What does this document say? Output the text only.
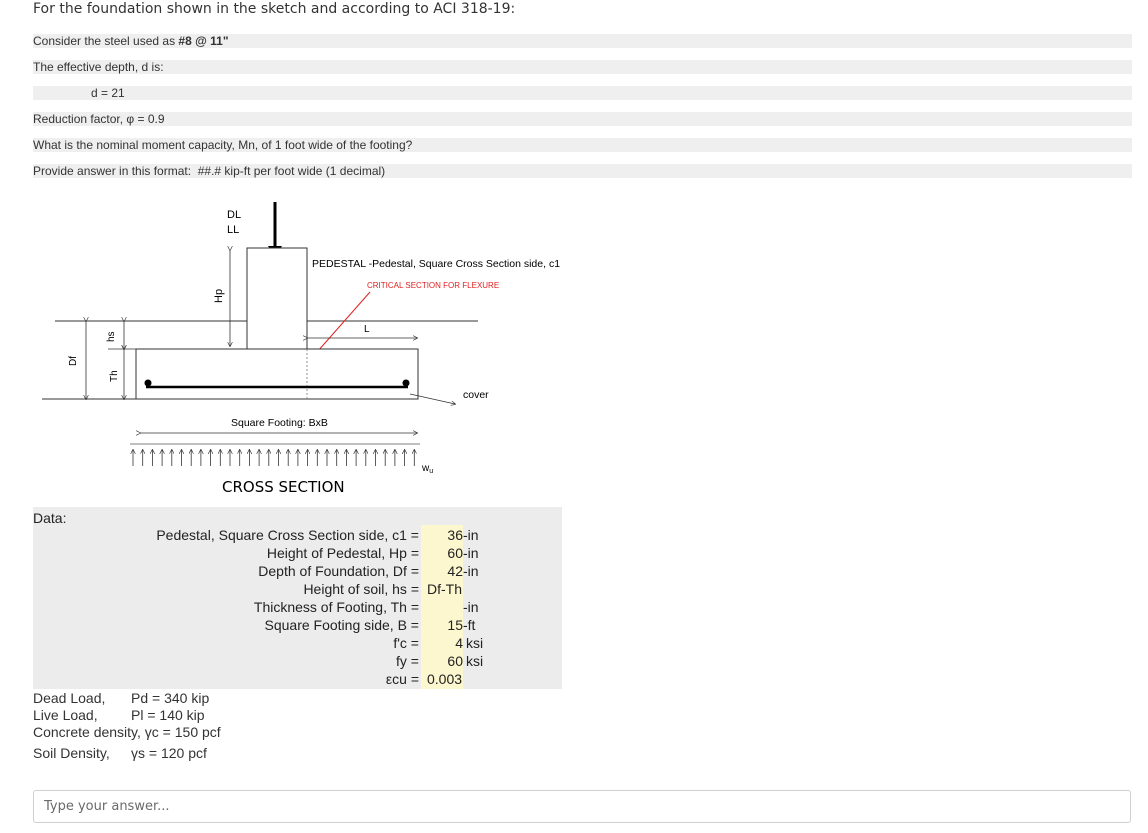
For the foundation shown in the sketch and according to ACI 318-19:
Consider the steel used as #8 @ 11"
The effective depth, d is:
d = 21
Reduction factor, φ = 0.9
What is the nominal moment capacity, Mn, of 1 foot wide of the footing?
Provide answer in this format:  ##.# kip-ft per foot wide (1 decimal)
DL
LL
Hp
PEDESTAL -Pedestal, Square Cross Section side, c1
CRITICAL SECTION FOR FLEXURE
L
cover
Df
hs
Th
Square Footing: BxB
$w_u$
CROSS SECTION
Data:
Pedestal, Square Cross Section side, c1 = 36 -in
Height of Pedestal, Hp = 60 -in
Depth of Foundation, Df = 42 -in
Height of soil, hs = Df-Th
Thickness of Footing, Th =	-in
Square Footing side, B = 15 -ft
f'c =	4 ksi
fy = 60 ksi
εcu = 0.003
Dead Load, Pd = 340 kip
Live Load, Pl = 140 kip
Concrete density, γc = 150 pcf
Soil Density, γs = 120 pcf
Type your answer...
